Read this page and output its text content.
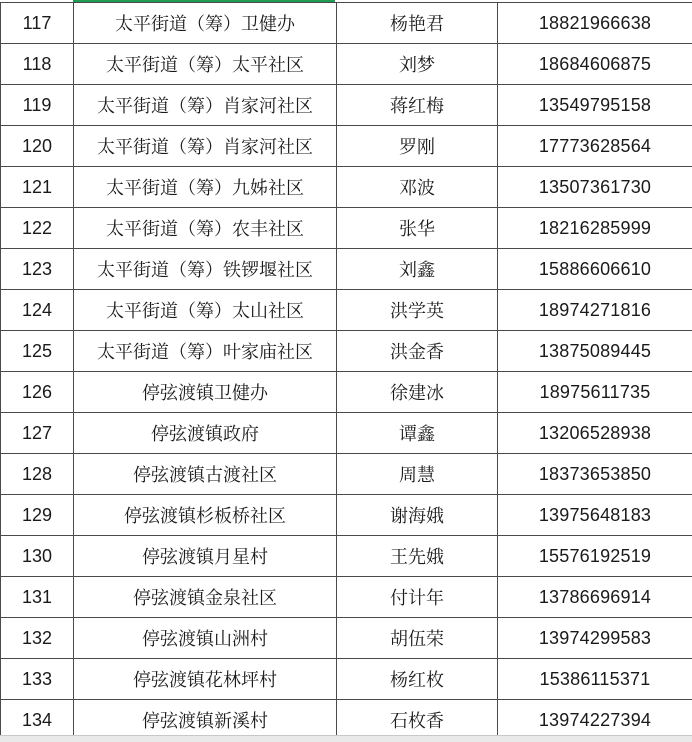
117	太平街道（筹）卫健办	杨艳君	18821966638
118	太平街道（筹）太平社区	刘梦	18684606875
119	太平街道（筹）肖家河社区	蒋红梅	13549795158
120	太平街道（筹）肖家河社区	罗刚	17773628564
121	太平街道（筹）九姊社区	邓波	13507361730
122	太平街道（筹）农丰社区	张华	18216285999
123	太平街道（筹）铁锣堰社区	刘鑫	15886606610
124	太平街道（筹）太山社区	洪学英	18974271816
125	太平街道（筹）叶家庙社区	洪金香	13875089445
126	停弦渡镇卫健办	徐建冰	18975611735
127	停弦渡镇政府	谭鑫	13206528938
128	停弦渡镇古渡社区	周慧	18373653850
129	停弦渡镇杉板桥社区	谢海娥	13975648183
130	停弦渡镇月星村	王先娥	15576192519
131	停弦渡镇金泉社区	付计年	13786696914
132	停弦渡镇山洲村	胡伍荣	13974299583
133	停弦渡镇花林坪村	杨红枚	15386115371
134	停弦渡镇新溪村	石枚香	13974227394
